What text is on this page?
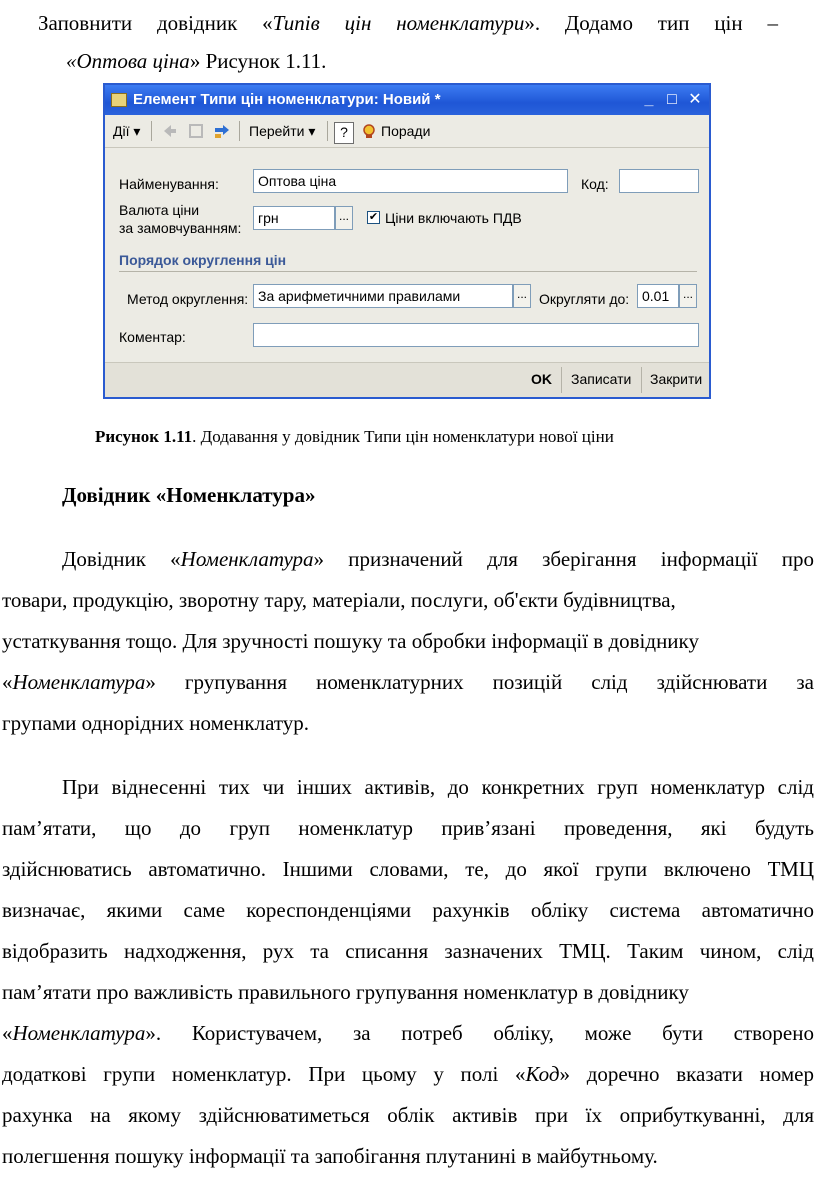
Заповнити довідник «Типів цін номенклатури». Додамо тип цін –
«Оптова ціна» Рисунок 1.11.
Елемент Типи цін номенклатури: Новий *	_ □ ✕
Дії ▾	Перейти ▾	?	Поради
Найменування:	Оптова ціна	Код:
Валюта ціни
за замовчуванням:
грн	...	✔ Ціни включають ПДВ
Порядок округлення цін
Метод округлення: За арифметичними правилами	... Округляти до: 0.01	...
Коментар:
OK Записати Закрити
Рисунок 1.11. Додавання у довідник Типи цін номенклатури нової ціни
Довідник «Номенклатура»
Довідник «Номенклатура» призначений для зберігання інформації про
товари, продукцію, зворотну тару, матеріали, послуги, об'єкти будівництва,
устаткування тощо. Для зручності пошуку та обробки інформації в довіднику
«Номенклатура» групування номенклатурних позицій слід здійснювати за
групами однорідних номенклатур.
При віднесенні тих чи інших активів, до конкретних груп номенклатур слід
пам’ятати, що до груп номенклатур прив’язані проведення, які будуть
здійснюватись автоматично. Іншими словами, те, до якої групи включено ТМЦ
визначає, якими саме кореспонденціями рахунків обліку система автоматично
відобразить надходження, рух та списання зазначених ТМЦ. Таким чином, слід
пам’ятати про важливість правильного групування номенклатур в довіднику
«Номенклатура». Користувачем, за потреб обліку, може бути створено
додаткові групи номенклатур. При цьому у полі «Код» доречно вказати номер
рахунка на якому здійснюватиметься облік активів при їх оприбуткуванні, для
полегшення пошуку інформації та запобігання плутанині в майбутньому.
